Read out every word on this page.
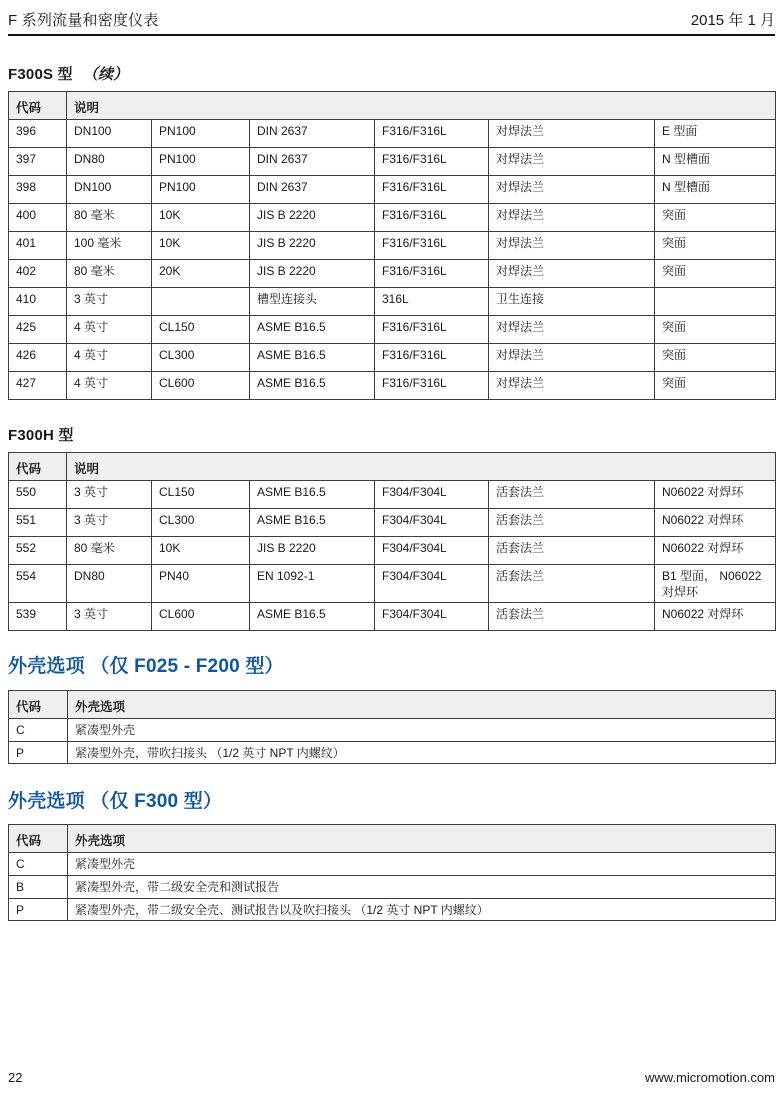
F 系列流量和密度仪表	2015 年 1 月
F300S 型 （续）
代码	说明					
396	DN100	PN100	DIN 2637	F316/F316L	对焊法兰	E 型面
397	DN80	PN100	DIN 2637	F316/F316L	对焊法兰	N 型槽面
398	DN100	PN100	DIN 2637	F316/F316L	对焊法兰	N 型槽面
400	80 毫米	10K	JIS B 2220	F316/F316L	对焊法兰	突面
401	100 毫米	10K	JIS B 2220	F316/F316L	对焊法兰	突面
402	80 毫米	20K	JIS B 2220	F316/F316L	对焊法兰	突面
410	3 英寸		槽型连接头	316L	卫生连接	
425	4 英寸	CL150	ASME B16.5	F316/F316L	对焊法兰	突面
426	4 英寸	CL300	ASME B16.5	F316/F316L	对焊法兰	突面
427	4 英寸	CL600	ASME B16.5	F316/F316L	对焊法兰	突面
F300H 型
代码	说明					
550	3 英寸	CL150	ASME B16.5	F304/F304L	活套法兰	N06022 对焊环
551	3 英寸	CL300	ASME B16.5	F304/F304L	活套法兰	N06022 对焊环
552	80 毫米	10K	JIS B 2220	F304/F304L	活套法兰	N06022 对焊环
554	DN80	PN40	EN 1092-1	F304/F304L	活套法兰	B1 型面， N06022 对焊环
539	3 英寸	CL600	ASME B16.5	F304/F304L	活套法兰	N06022 对焊环
外壳选项 （仅 F025 - F200 型）
代码	外壳选项
C	紧凑型外壳
P	紧凑型外壳，带吹扫接头 （1/2 英寸 NPT 内螺纹）
外壳选项 （仅 F300 型）
代码	外壳选项
C	紧凑型外壳
B	紧凑型外壳，带二级安全壳和测试报告
P	紧凑型外壳，带二级安全壳、测试报告以及吹扫接头 （1/2 英寸 NPT 内螺纹）
22	www.micromotion.com
